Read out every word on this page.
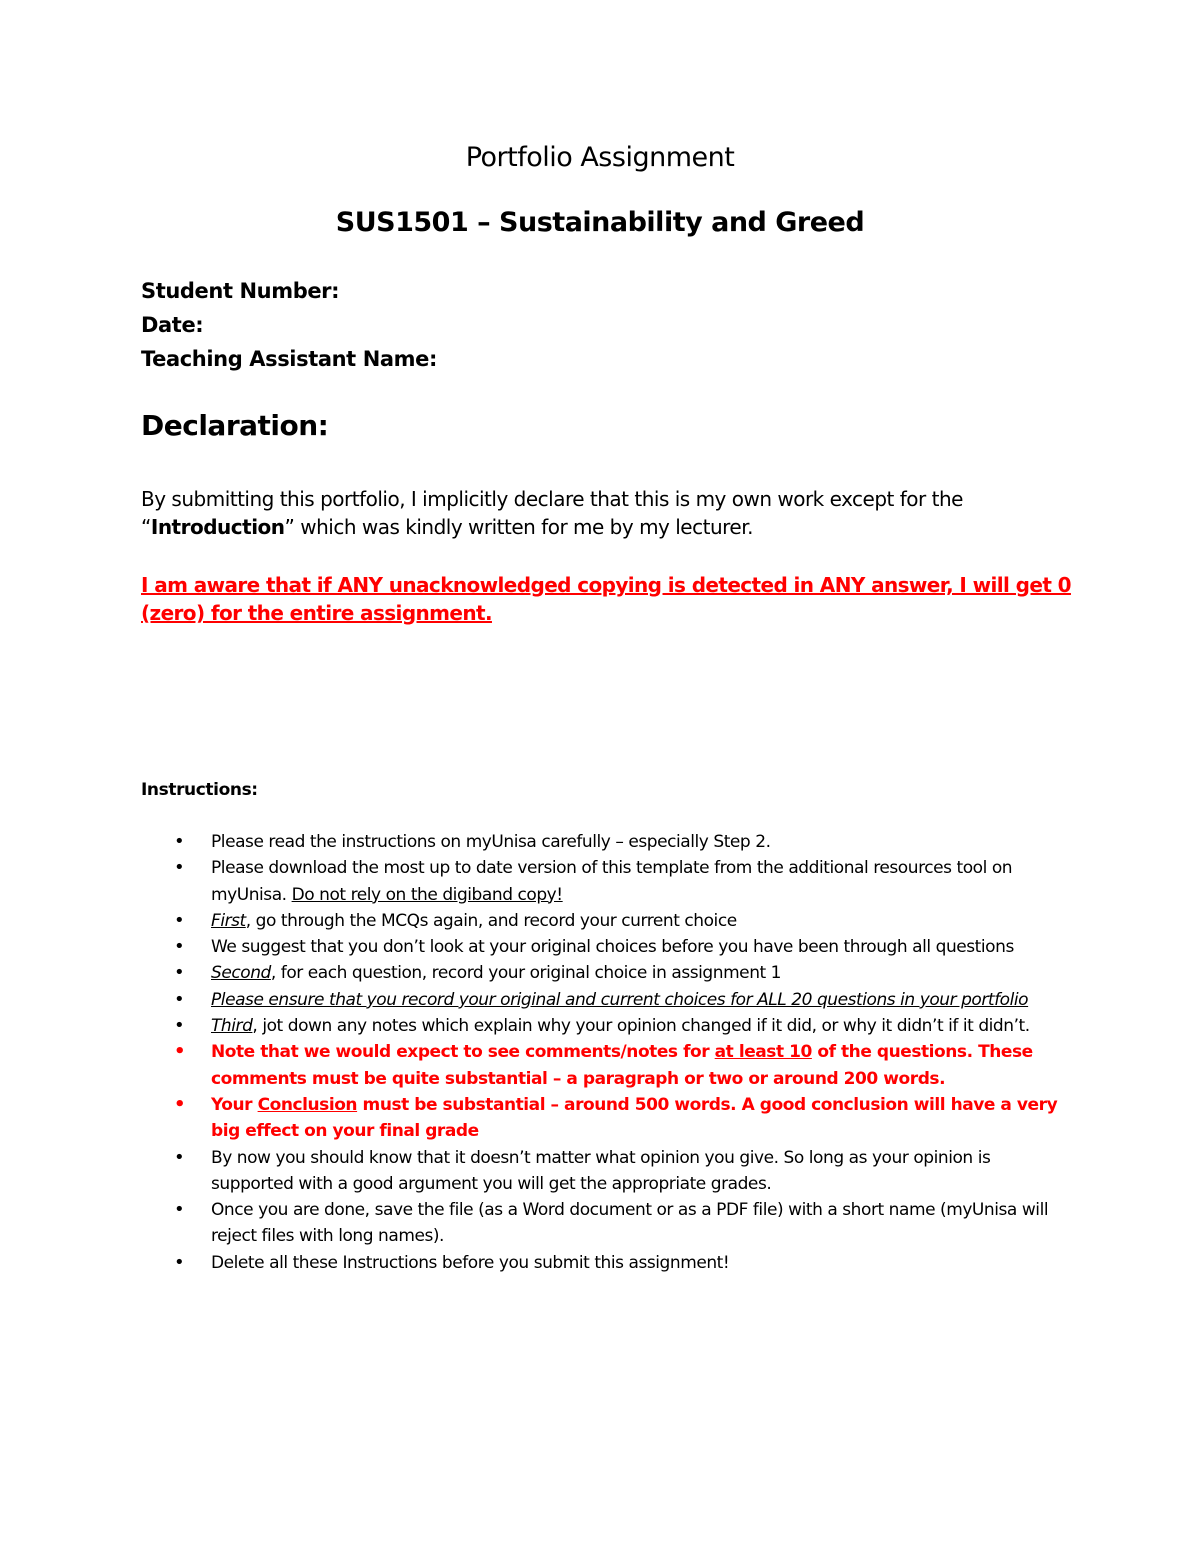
Portfolio Assignment
SUS1501 – Sustainability and Greed
Student Number:
Date:
Teaching Assistant Name:
Declaration:
By submitting this portfolio, I implicitly declare that this is my own work except for the “Introduction” which was kindly written for me by my lecturer.
I am aware that if ANY unacknowledged copying is detected in ANY answer, I will get 0 (zero) for the entire assignment.
Instructions:
• Please read the instructions on myUnisa carefully – especially Step 2.
• Please download the most up to date version of this template from the additional resources tool on myUnisa. Do not rely on the digiband copy!
• First, go through the MCQs again, and record your current choice
• We suggest that you don’t look at your original choices before you have been through all questions
• Second, for each question, record your original choice in assignment 1
• Please ensure that you record your original and current choices for ALL 20 questions in your portfolio
• Third, jot down any notes which explain why your opinion changed if it did, or why it didn’t if it didn’t.
• Note that we would expect to see comments/notes for at least 10 of the questions. These comments must be quite substantial – a paragraph or two or around 200 words.
• Your Conclusion must be substantial – around 500 words. A good conclusion will have a very big effect on your final grade
• By now you should know that it doesn’t matter what opinion you give. So long as your opinion is supported with a good argument you will get the appropriate grades.
• Once you are done, save the file (as a Word document or as a PDF file) with a short name (myUnisa will reject files with long names).
• Delete all these Instructions before you submit this assignment!
